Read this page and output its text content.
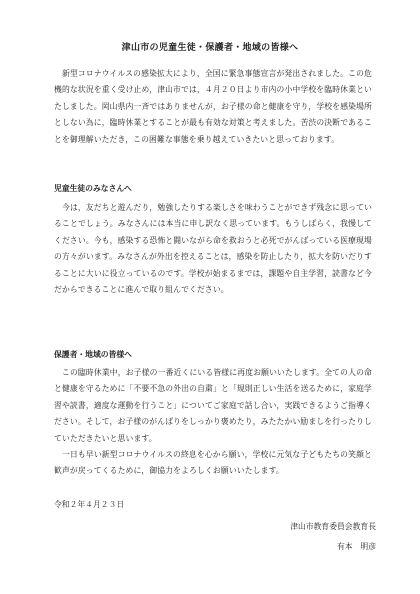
津山市の児童生徒・保護者・地域の皆様へ

新型コロナウイルスの感染拡大により，全国に緊急事態宣言が発出されました。この危機的な状況を重く受け止め，津山市では，４月２０日より市内の小中学校を臨時休業といたしました。岡山県内一斉ではありませんが，お子様の命と健康を守り，学校を感染場所としない為に，臨時休業とすることが最も有効な対策と考えました。苦渋の決断であることを御理解いただき，この困難な事態を乗り越えていきたいと思っております。

児童生徒のみなさんへ

今は，友だちと遊んだり，勉強したりする楽しさを味わうことができず残念に思っていることでしょう。みなさんには本当に申し訳なく思っています。もうしばらく，我慢してください。今も，感染する恐怖と闘いながら命を救おうと必死でがんばっている医療現場の方々がいます。みなさんが外出を控えることは，感染を防止したり，拡大を防いだりすることに大いに役立っているのです。学校が始まるまでは，課題や自主学習，読書など今だからできることに進んで取り組んでください。

保護者・地域の皆様へ

この臨時休業中，お子様の一番近くにいる皆様に再度お願いいたします。全ての人の命と健康を守るために「不要不急の外出の自粛」と「規則正しい生活を送るために，家庭学習や読書，適度な運動を行うこと」についてご家庭で話し合い，実践できるようご指導ください。そして，お子様のがんばりをしっかり褒めたり，みたたかい励ましを行ったりしていただきたいと思います。

一日も早い新型コロナウイルスの終息を心から願い，学校に元気な子どもたちの笑顔と歓声が戻ってくるために，御協力をよろしくお願いいたします。

令和２年４月２３日
津山市教育委員会教育長
有本　明彦
